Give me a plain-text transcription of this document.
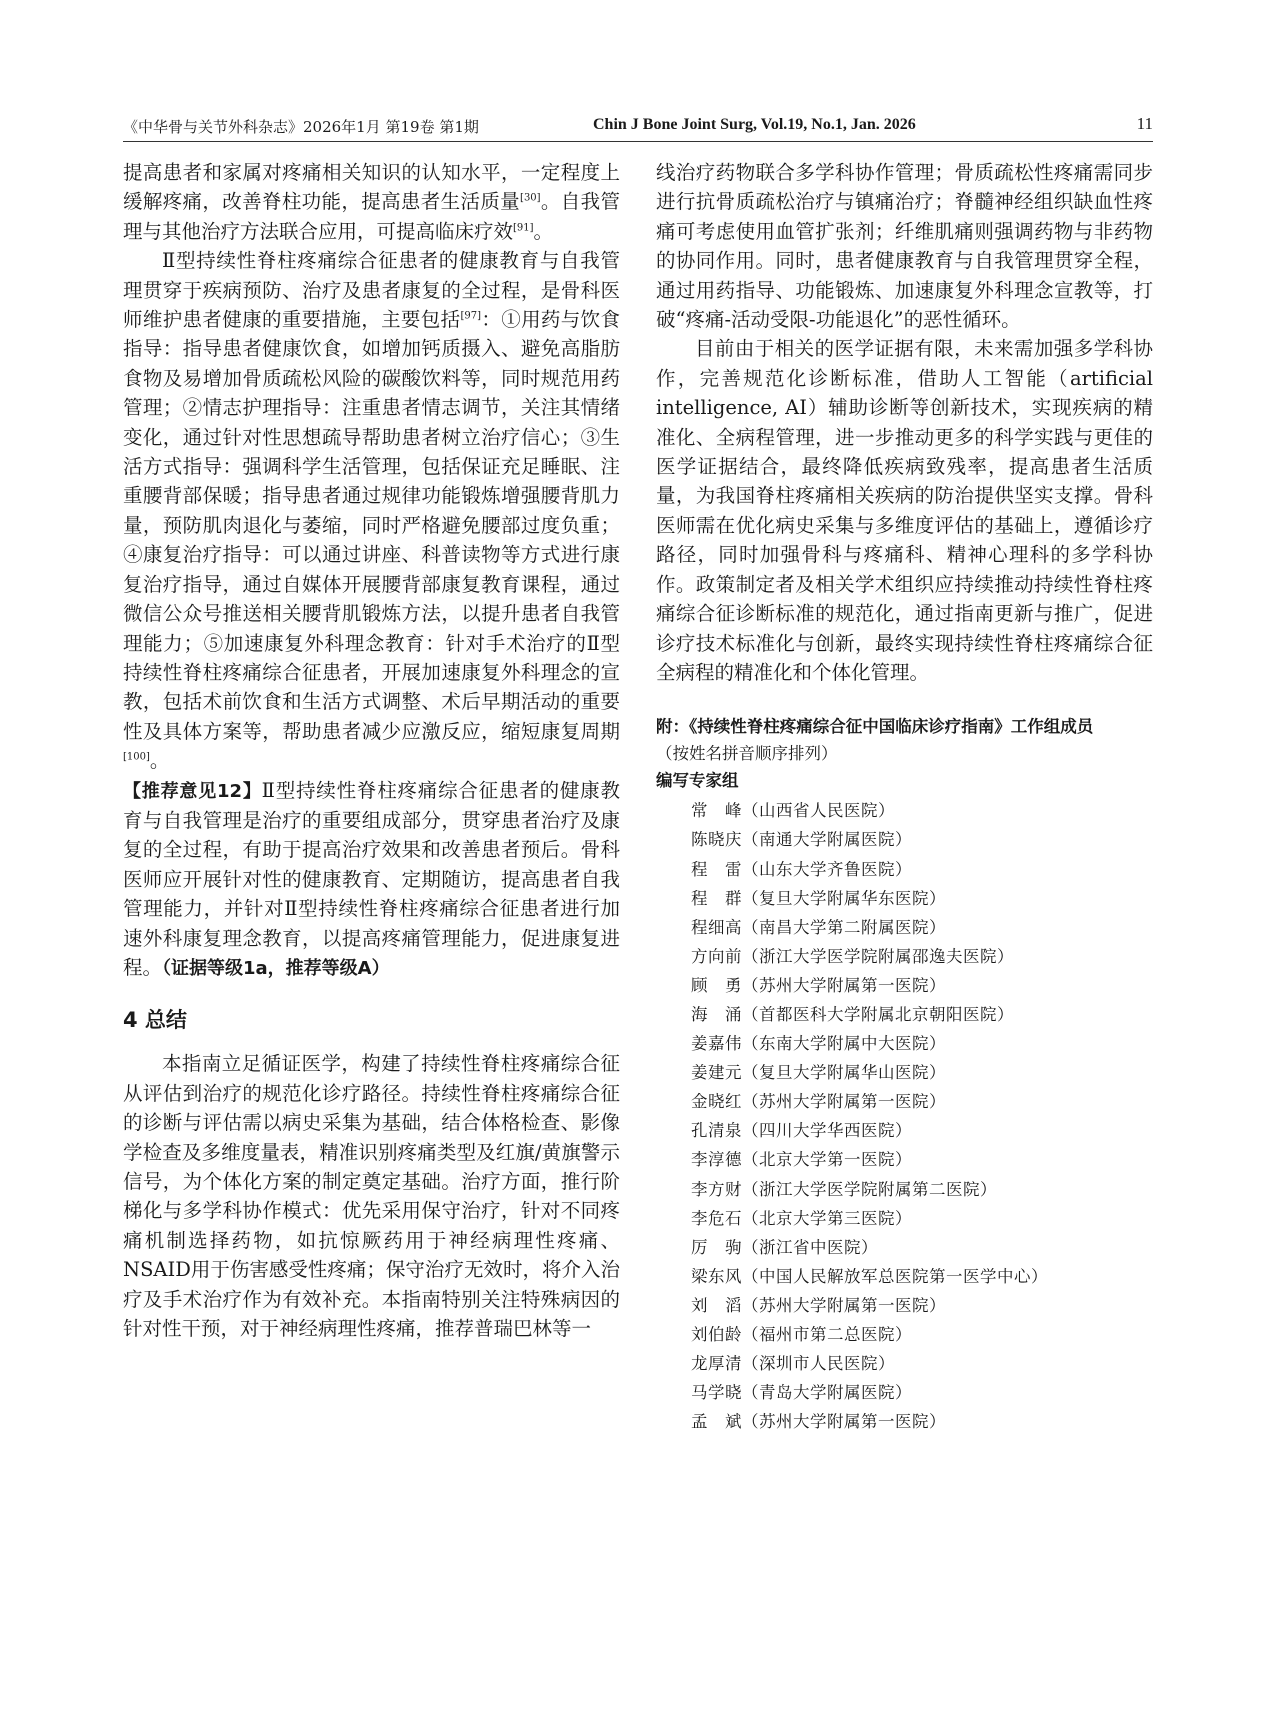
《中华骨与关节外科杂志》2026年1月 第19卷 第1期	Chin J Bone Joint Surg, Vol.19, No.1, Jan. 2026	11

提高患者和家属对疼痛相关知识的认知水平，一定程度上缓解疼痛，改善脊柱功能，提高患者生活质量[30]。自我管理与其他治疗方法联合应用，可提高临床疗效[91]。

Ⅱ型持续性脊柱疼痛综合征患者的健康教育与自我管理贯穿于疾病预防、治疗及患者康复的全过程，是骨科医师维护患者健康的重要措施，主要包括[97]：①用药与饮食指导：指导患者健康饮食，如增加钙质摄入、避免高脂肪食物及易增加骨质疏松风险的碳酸饮料等，同时规范用药管理；②情志护理指导：注重患者情志调节，关注其情绪变化，通过针对性思想疏导帮助患者树立治疗信心；③生活方式指导：强调科学生活管理，包括保证充足睡眠、注重腰背部保暖；指导患者通过规律功能锻炼增强腰背肌力量，预防肌肉退化与萎缩，同时严格避免腰部过度负重；④康复治疗指导：可以通过讲座、科普读物等方式进行康复治疗指导，通过自媒体开展腰背部康复教育课程，通过微信公众号推送相关腰背肌锻炼方法，以提升患者自我管理能力；⑤加速康复外科理念教育：针对手术治疗的Ⅱ型持续性脊柱疼痛综合征患者，开展加速康复外科理念的宣教，包括术前饮食和生活方式调整、术后早期活动的重要性及具体方案等，帮助患者减少应激反应，缩短康复周期[100]。

【推荐意见12】Ⅱ型持续性脊柱疼痛综合征患者的健康教育与自我管理是治疗的重要组成部分，贯穿患者治疗及康复的全过程，有助于提高治疗效果和改善患者预后。骨科医师应开展针对性的健康教育、定期随访，提高患者自我管理能力，并针对Ⅱ型持续性脊柱疼痛综合征患者进行加速外科康复理念教育，以提高疼痛管理能力，促进康复进程。（证据等级1a，推荐等级A）

4 总结

本指南立足循证医学，构建了持续性脊柱疼痛综合征从评估到治疗的规范化诊疗路径。持续性脊柱疼痛综合征的诊断与评估需以病史采集为基础，结合体格检查、影像学检查及多维度量表，精准识别疼痛类型及红旗/黄旗警示信号，为个体化方案的制定奠定基础。治疗方面，推行阶梯化与多学科协作模式：优先采用保守治疗，针对不同疼痛机制选择药物，如抗惊厥药用于神经病理性疼痛、NSAID用于伤害感受性疼痛；保守治疗无效时，将介入治疗及手术治疗作为有效补充。本指南特别关注特殊病因的针对性干预，对于神经病理性疼痛，推荐普瑞巴林等一

线治疗药物联合多学科协作管理；骨质疏松性疼痛需同步进行抗骨质疏松治疗与镇痛治疗；脊髓神经组织缺血性疼痛可考虑使用血管扩张剂；纤维肌痛则强调药物与非药物的协同作用。同时，患者健康教育与自我管理贯穿全程，通过用药指导、功能锻炼、加速康复外科理念宣教等，打破“疼痛-活动受限-功能退化”的恶性循环。

目前由于相关的医学证据有限，未来需加强多学科协作，完善规范化诊断标准，借助人工智能（artificial intelligence, AI）辅助诊断等创新技术，实现疾病的精准化、全病程管理，进一步推动更多的科学实践与更佳的医学证据结合，最终降低疾病致残率，提高患者生活质量，为我国脊柱疼痛相关疾病的防治提供坚实支撑。骨科医师需在优化病史采集与多维度评估的基础上，遵循诊疗路径，同时加强骨科与疼痛科、精神心理科的多学科协作。政策制定者及相关学术组织应持续推动持续性脊柱疼痛综合征诊断标准的规范化，通过指南更新与推广，促进诊疗技术标准化与创新，最终实现持续性脊柱疼痛综合征全病程的精准化和个体化管理。

附：《持续性脊柱疼痛综合征中国临床诊疗指南》工作组成员
（按姓名拼音顺序排列）
编写专家组
常　峰（山西省人民医院）
陈晓庆（南通大学附属医院）
程　雷（山东大学齐鲁医院）
程　群（复旦大学附属华东医院）
程细高（南昌大学第二附属医院）
方向前（浙江大学医学院附属邵逸夫医院）
顾　勇（苏州大学附属第一医院）
海　涌（首都医科大学附属北京朝阳医院）
姜嘉伟（东南大学附属中大医院）
姜建元（复旦大学附属华山医院）
金晓红（苏州大学附属第一医院）
孔清泉（四川大学华西医院）
李淳德（北京大学第一医院）
李方财（浙江大学医学院附属第二医院）
李危石（北京大学第三医院）
厉　驹（浙江省中医院）
梁东风（中国人民解放军总医院第一医学中心）
刘　滔（苏州大学附属第一医院）
刘伯龄（福州市第二总医院）
龙厚清（深圳市人民医院）
马学晓（青岛大学附属医院）
孟　斌（苏州大学附属第一医院）
